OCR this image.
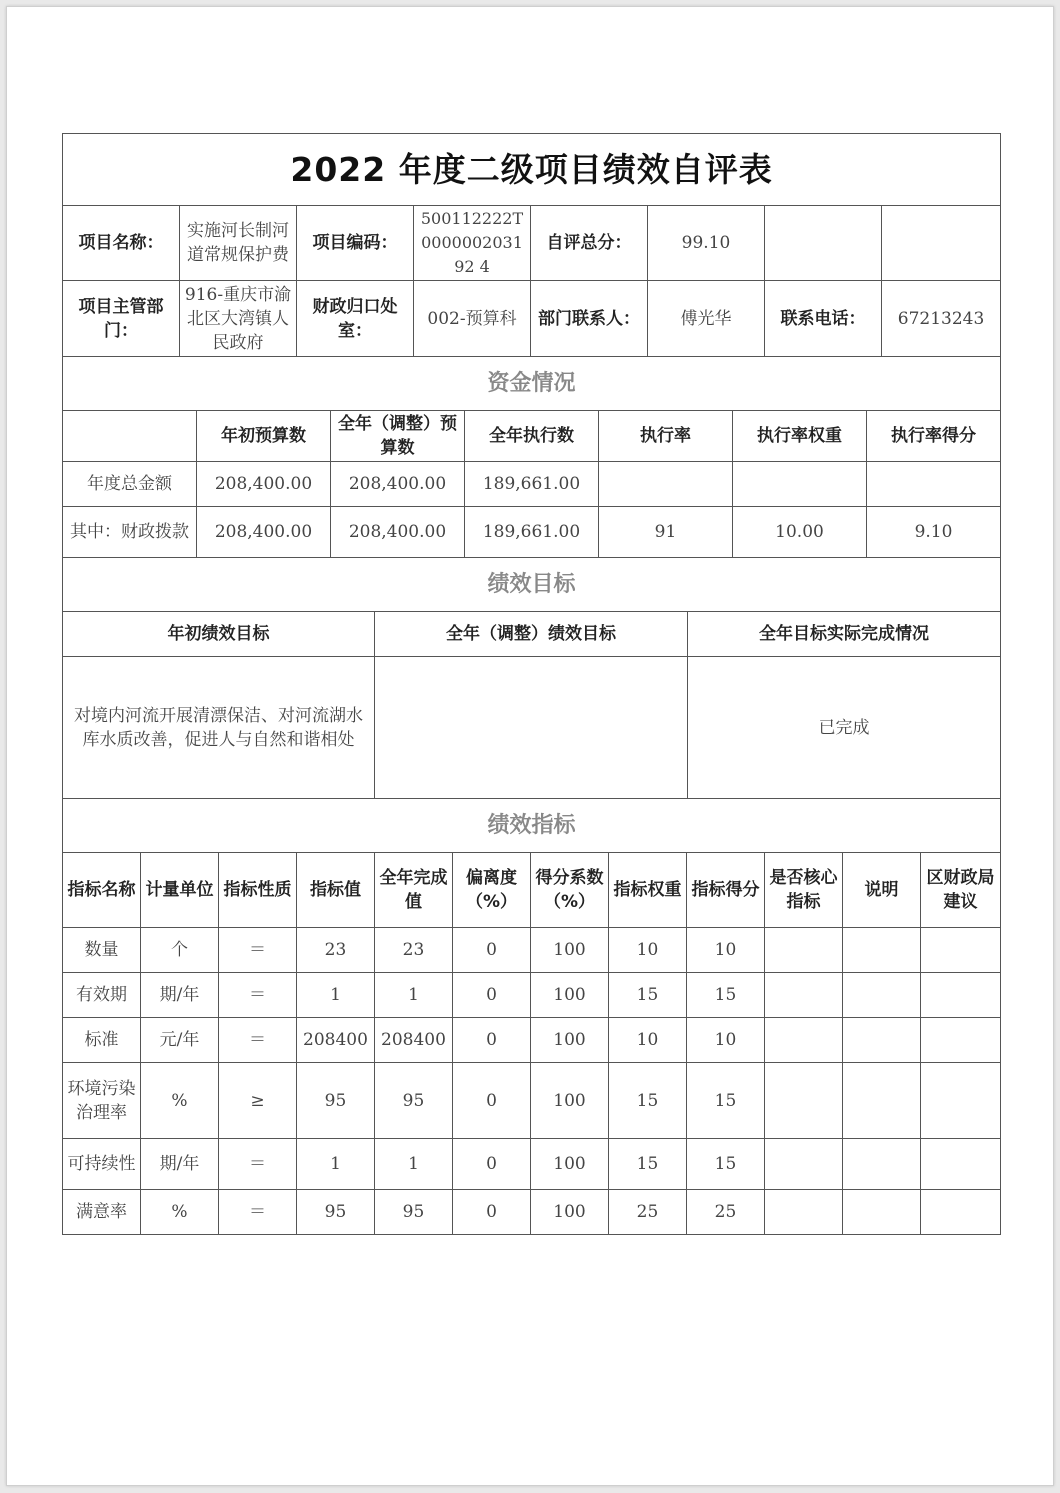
2022 年度二级项目绩效自评表							
项目名称：	实施河长制河道常规保护费	项目编码：	500112222T000000203192 4	自评总分：	99.10		
项目主管部门：	916-重庆市渝北区大湾镇人民政府	财政归口处室：	002-预算科	部门联系人：	傅光华	联系电话：	67213243
资金情况						
	年初预算数	全年（调整）预算数	全年执行数	执行率	执行率权重	执行率得分
年度总金额	208,400.00	208,400.00	189,661.00			
其中：财政拨款	208,400.00	208,400.00	189,661.00	91	10.00	9.10
绩效目标		
年初绩效目标	全年（调整）绩效目标	全年目标实际完成情况
对境内河流开展清漂保洁、对河流湖水库水质改善，促进人与自然和谐相处		已完成
绩效指标											
指标名称	计量单位	指标性质	指标值	全年完成值	偏离度（%）	得分系数（%）	指标权重	指标得分	是否核心指标	说明	区财政局建议
数量	个	＝	23	23	0	100	10	10			
有效期	期/年	＝	1	1	0	100	15	15			
标准	元/年	＝	208400	208400	0	100	10	10			
环境污染治理率	%	≥	95	95	0	100	15	15			
可持续性	期/年	＝	1	1	0	100	15	15			
满意率	%	＝	95	95	0	100	25	25			
